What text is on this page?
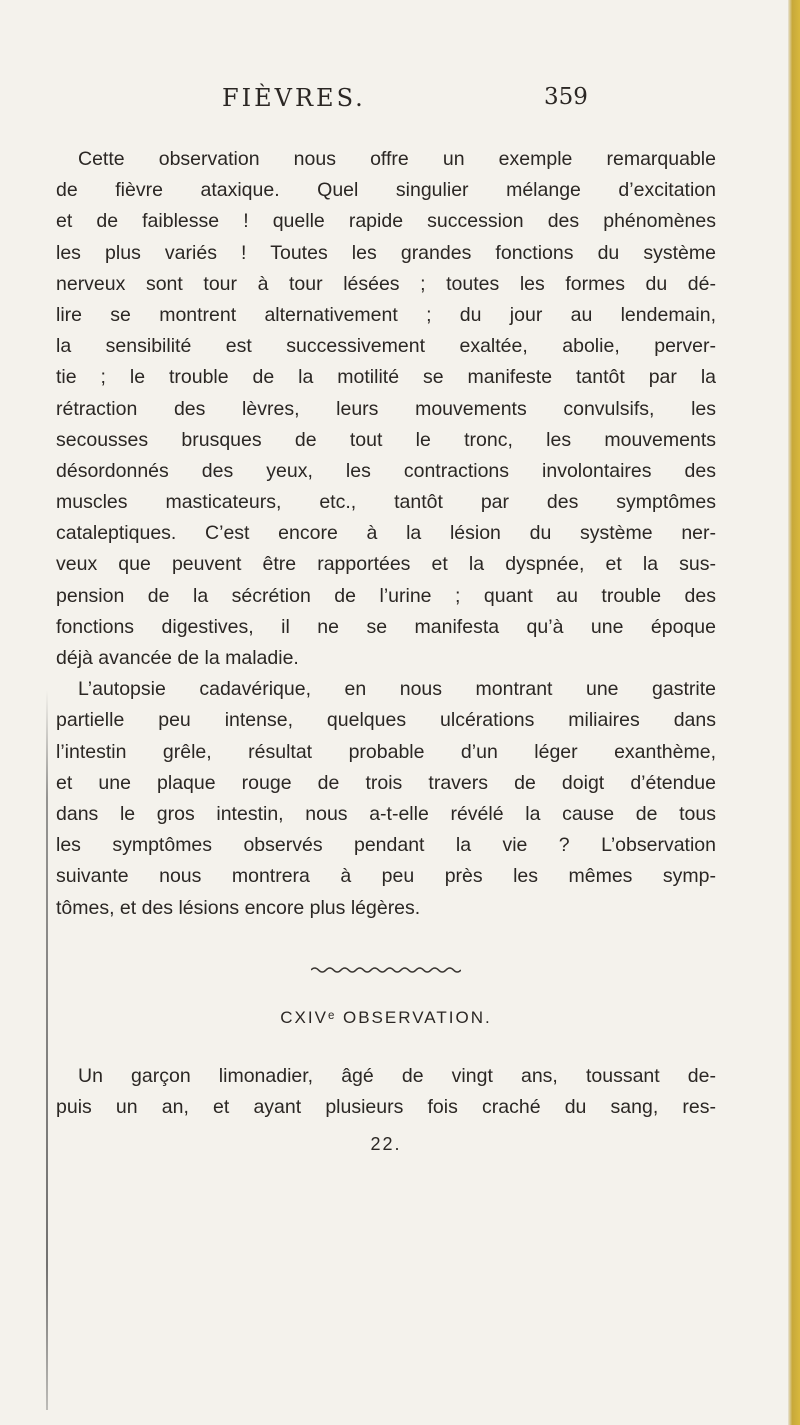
FIÈVRES.	359
Cette observation nous offre un exemple remarquable
de fièvre ataxique. Quel singulier mélange d’excitation
et de faiblesse ! quelle rapide succession des phénomènes
les plus variés ! Toutes les grandes fonctions du système
nerveux sont tour à tour lésées ; toutes les formes du dé-
lire se montrent alternativement ; du jour au lendemain,
la sensibilité est successivement exaltée, abolie, perver-
tie ; le trouble de la motilité se manifeste tantôt par la
rétraction des lèvres, leurs mouvements convulsifs, les
secousses brusques de tout le tronc, les mouvements
désordonnés des yeux, les contractions involontaires des
muscles masticateurs, etc., tantôt par des symptômes
cataleptiques. C’est encore à la lésion du système ner-
veux que peuvent être rapportées et la dyspnée, et la sus-
pension de la sécrétion de l’urine ; quant au trouble des
fonctions digestives, il ne se manifesta qu’à une époque
déjà avancée de la maladie.
L’autopsie cadavérique, en nous montrant une gastrite
partielle peu intense, quelques ulcérations miliaires dans
l’intestin grêle, résultat probable d’un léger exanthème,
et une plaque rouge de trois travers de doigt d’étendue
dans le gros intestin, nous a-t-elle révélé la cause de tous
les symptômes observés pendant la vie ? L’observation
suivante nous montrera à peu près les mêmes symp-
tômes, et des lésions encore plus légères.
CXIVᵉ OBSERVATION.
Un garçon limonadier, âgé de vingt ans, toussant de-
puis un an, et ayant plusieurs fois craché du sang, res-
22.
